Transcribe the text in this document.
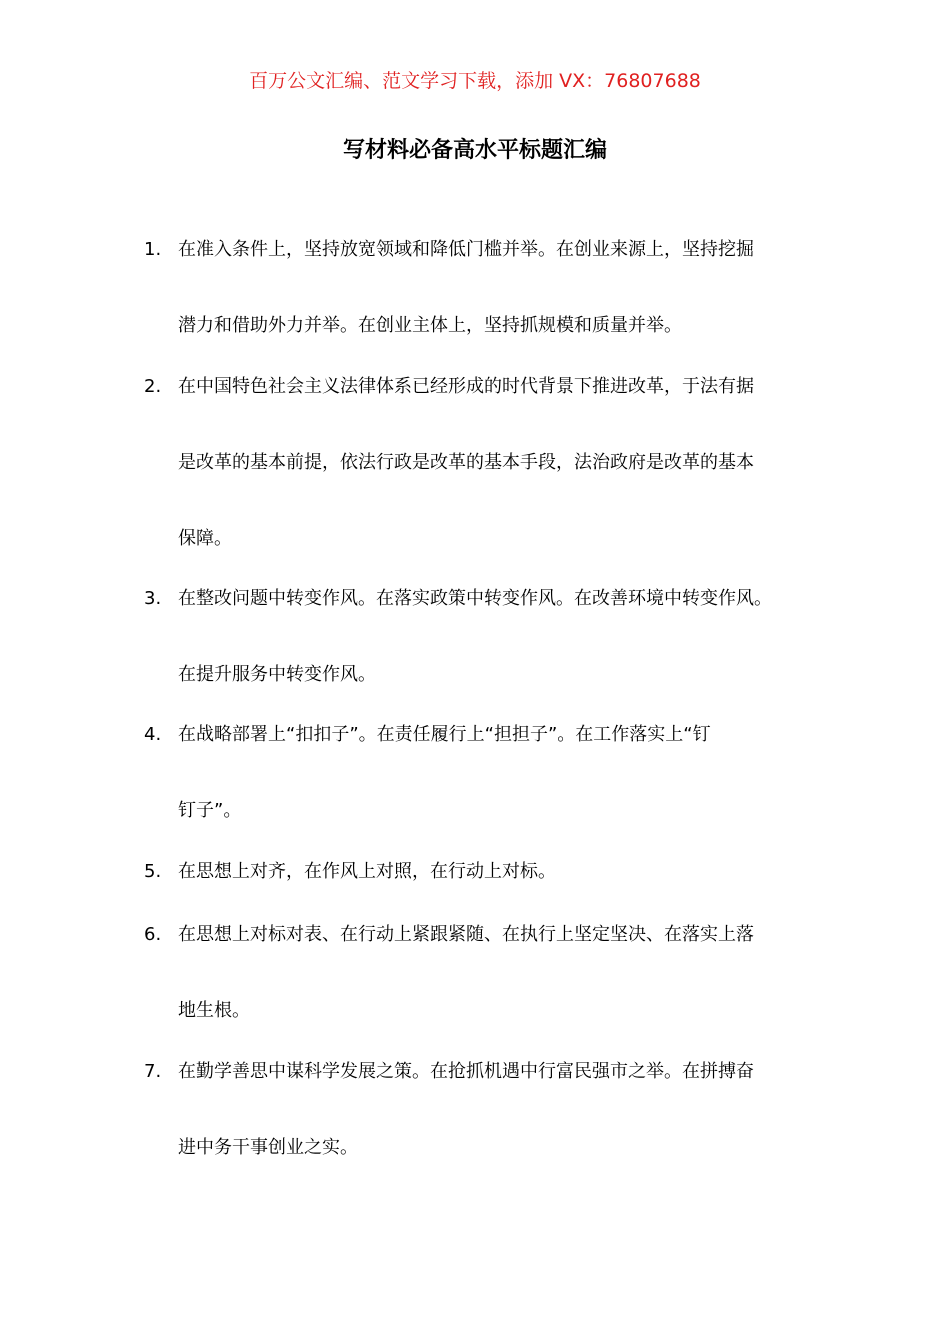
百万公文汇编、范文学习下载，添加 VX：76807688
写材料必备高水平标题汇编
1. 在准入条件上，坚持放宽领域和降低门槛并举。在创业来源上，坚持挖掘
潜力和借助外力并举。在创业主体上，坚持抓规模和质量并举。
2. 在中国特色社会主义法律体系已经形成的时代背景下推进改革，于法有据
是改革的基本前提，依法行政是改革的基本手段，法治政府是改革的基本
保障。
3. 在整改问题中转变作风。在落实政策中转变作风。在改善环境中转变作风。
在提升服务中转变作风。
4. 在战略部署上“扣扣子”。在责任履行上“担担子”。在工作落实上“钉
钉子”。
5. 在思想上对齐，在作风上对照，在行动上对标。
6. 在思想上对标对表、在行动上紧跟紧随、在执行上坚定坚决、在落实上落
地生根。
7. 在勤学善思中谋科学发展之策。在抢抓机遇中行富民强市之举。在拼搏奋
进中务干事创业之实。
